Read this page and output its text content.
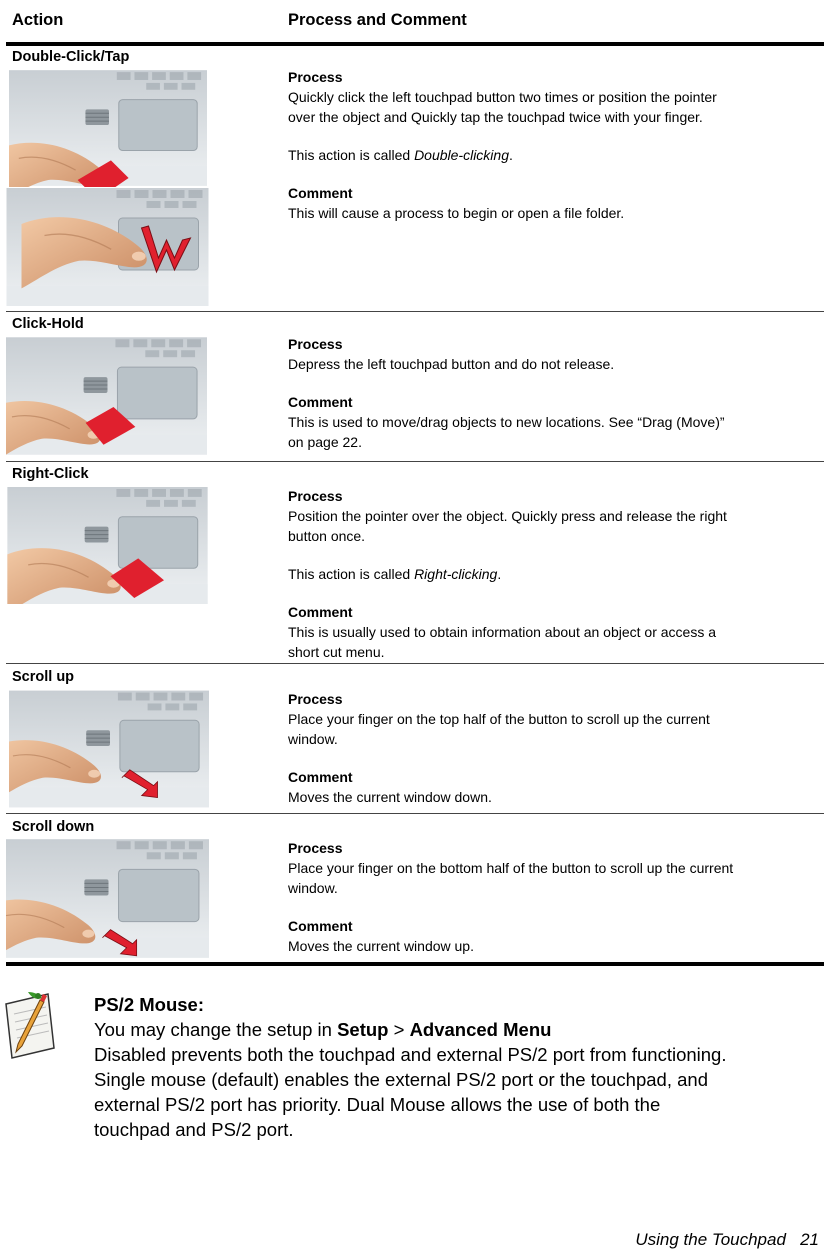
Action	Process and Comment
Double-Click/Tap

Process

Quickly click the left touchpad button two times or position the pointer

over the object and Quickly tap the touchpad twice with your finger.

This action is called Double-clicking.

Comment

This will cause a process to begin or open a file folder.

Click-Hold

Process

Depress the left touchpad button and do not release.

Comment

This is used to move/drag objects to new locations. See “Drag (Move)”

on page 22.

Right-Click

Process

Position the pointer over the object. Quickly press and release the right

button once.

This action is called Right-clicking.

Comment

This is usually used to obtain information about an object or access a

short cut menu.

Scroll up

Process

Place your finger on the top half of the button to scroll up the current

window.

Comment

Moves the current window down.

Scroll down

Process

Place your finger on the bottom half of the button to scroll up the current

window.

Comment

Moves the current window up.

PS/2 Mouse:
You may change the setup in Setup > Advanced Menu
Disabled prevents both the touchpad and external PS/2 port from functioning.
Single mouse (default) enables the external PS/2 port or the touchpad, and
external PS/2 port has priority. Dual Mouse allows the use of both the
touchpad and PS/2 port.
Using the Touchpad   21
